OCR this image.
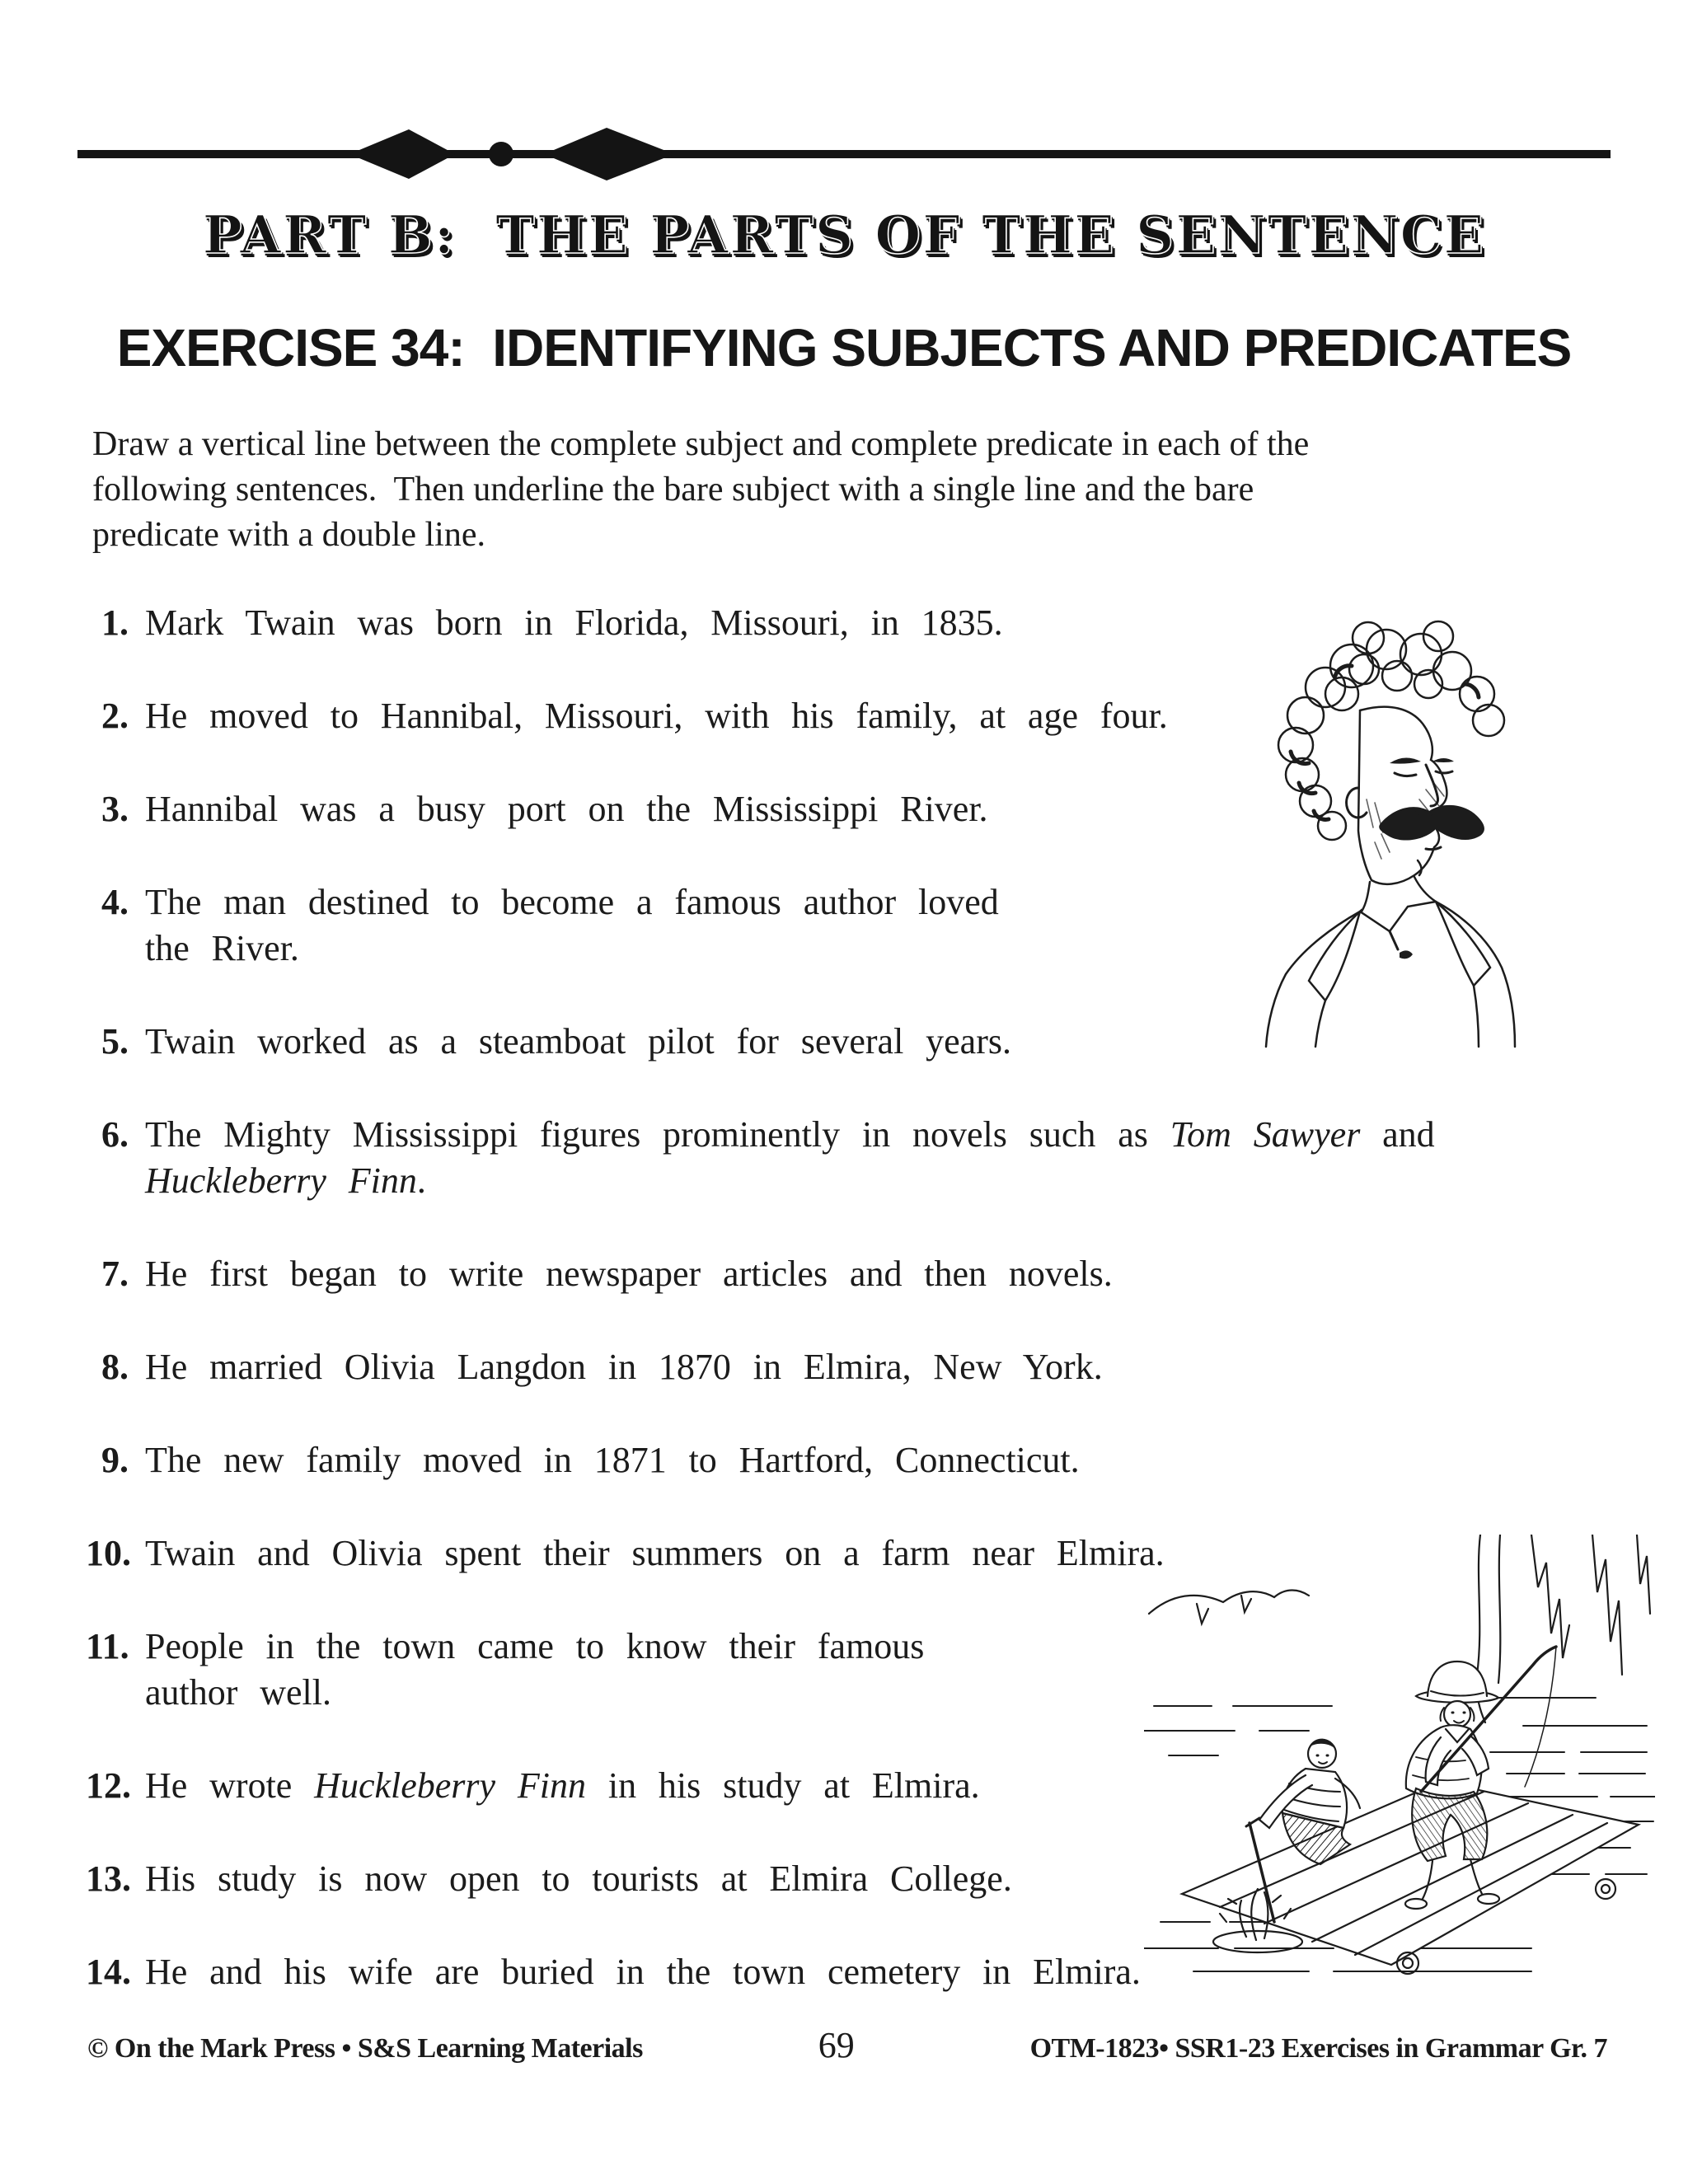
PART B:  THE PARTS OF THE SENTENCE
EXERCISE 34:  IDENTIFYING SUBJECTS AND PREDICATES
Draw a vertical line between the complete subject and complete predicate in each of the
following sentences.  Then underline the bare subject with a single line and the bare
predicate with a double line.
1. Mark Twain was born in Florida, Missouri, in 1835.
2. He moved to Hannibal, Missouri, with his family, at age four.
3. Hannibal was a busy port on the Mississippi River.
4. The man destined to become a famous author loved
the River.
5. Twain worked as a steamboat pilot for several years.
6. The Mighty Mississippi figures prominently in novels such as Tom Sawyer and
Huckleberry Finn.
7. He first began to write newspaper articles and then novels.
8. He married Olivia Langdon in 1870 in Elmira, New York.
9. The new family moved in 1871 to Hartford, Connecticut.
10. Twain and Olivia spent their summers on a farm near Elmira.
11. People in the town came to know their famous
author well.
12. He wrote Huckleberry Finn in his study at Elmira.
13. His study is now open to tourists at Elmira College.
14. He and his wife are buried in the town cemetery in Elmira.
© On the Mark Press • S&S Learning Materials	69	OTM-1823• SSR1-23 Exercises in Grammar Gr. 7
